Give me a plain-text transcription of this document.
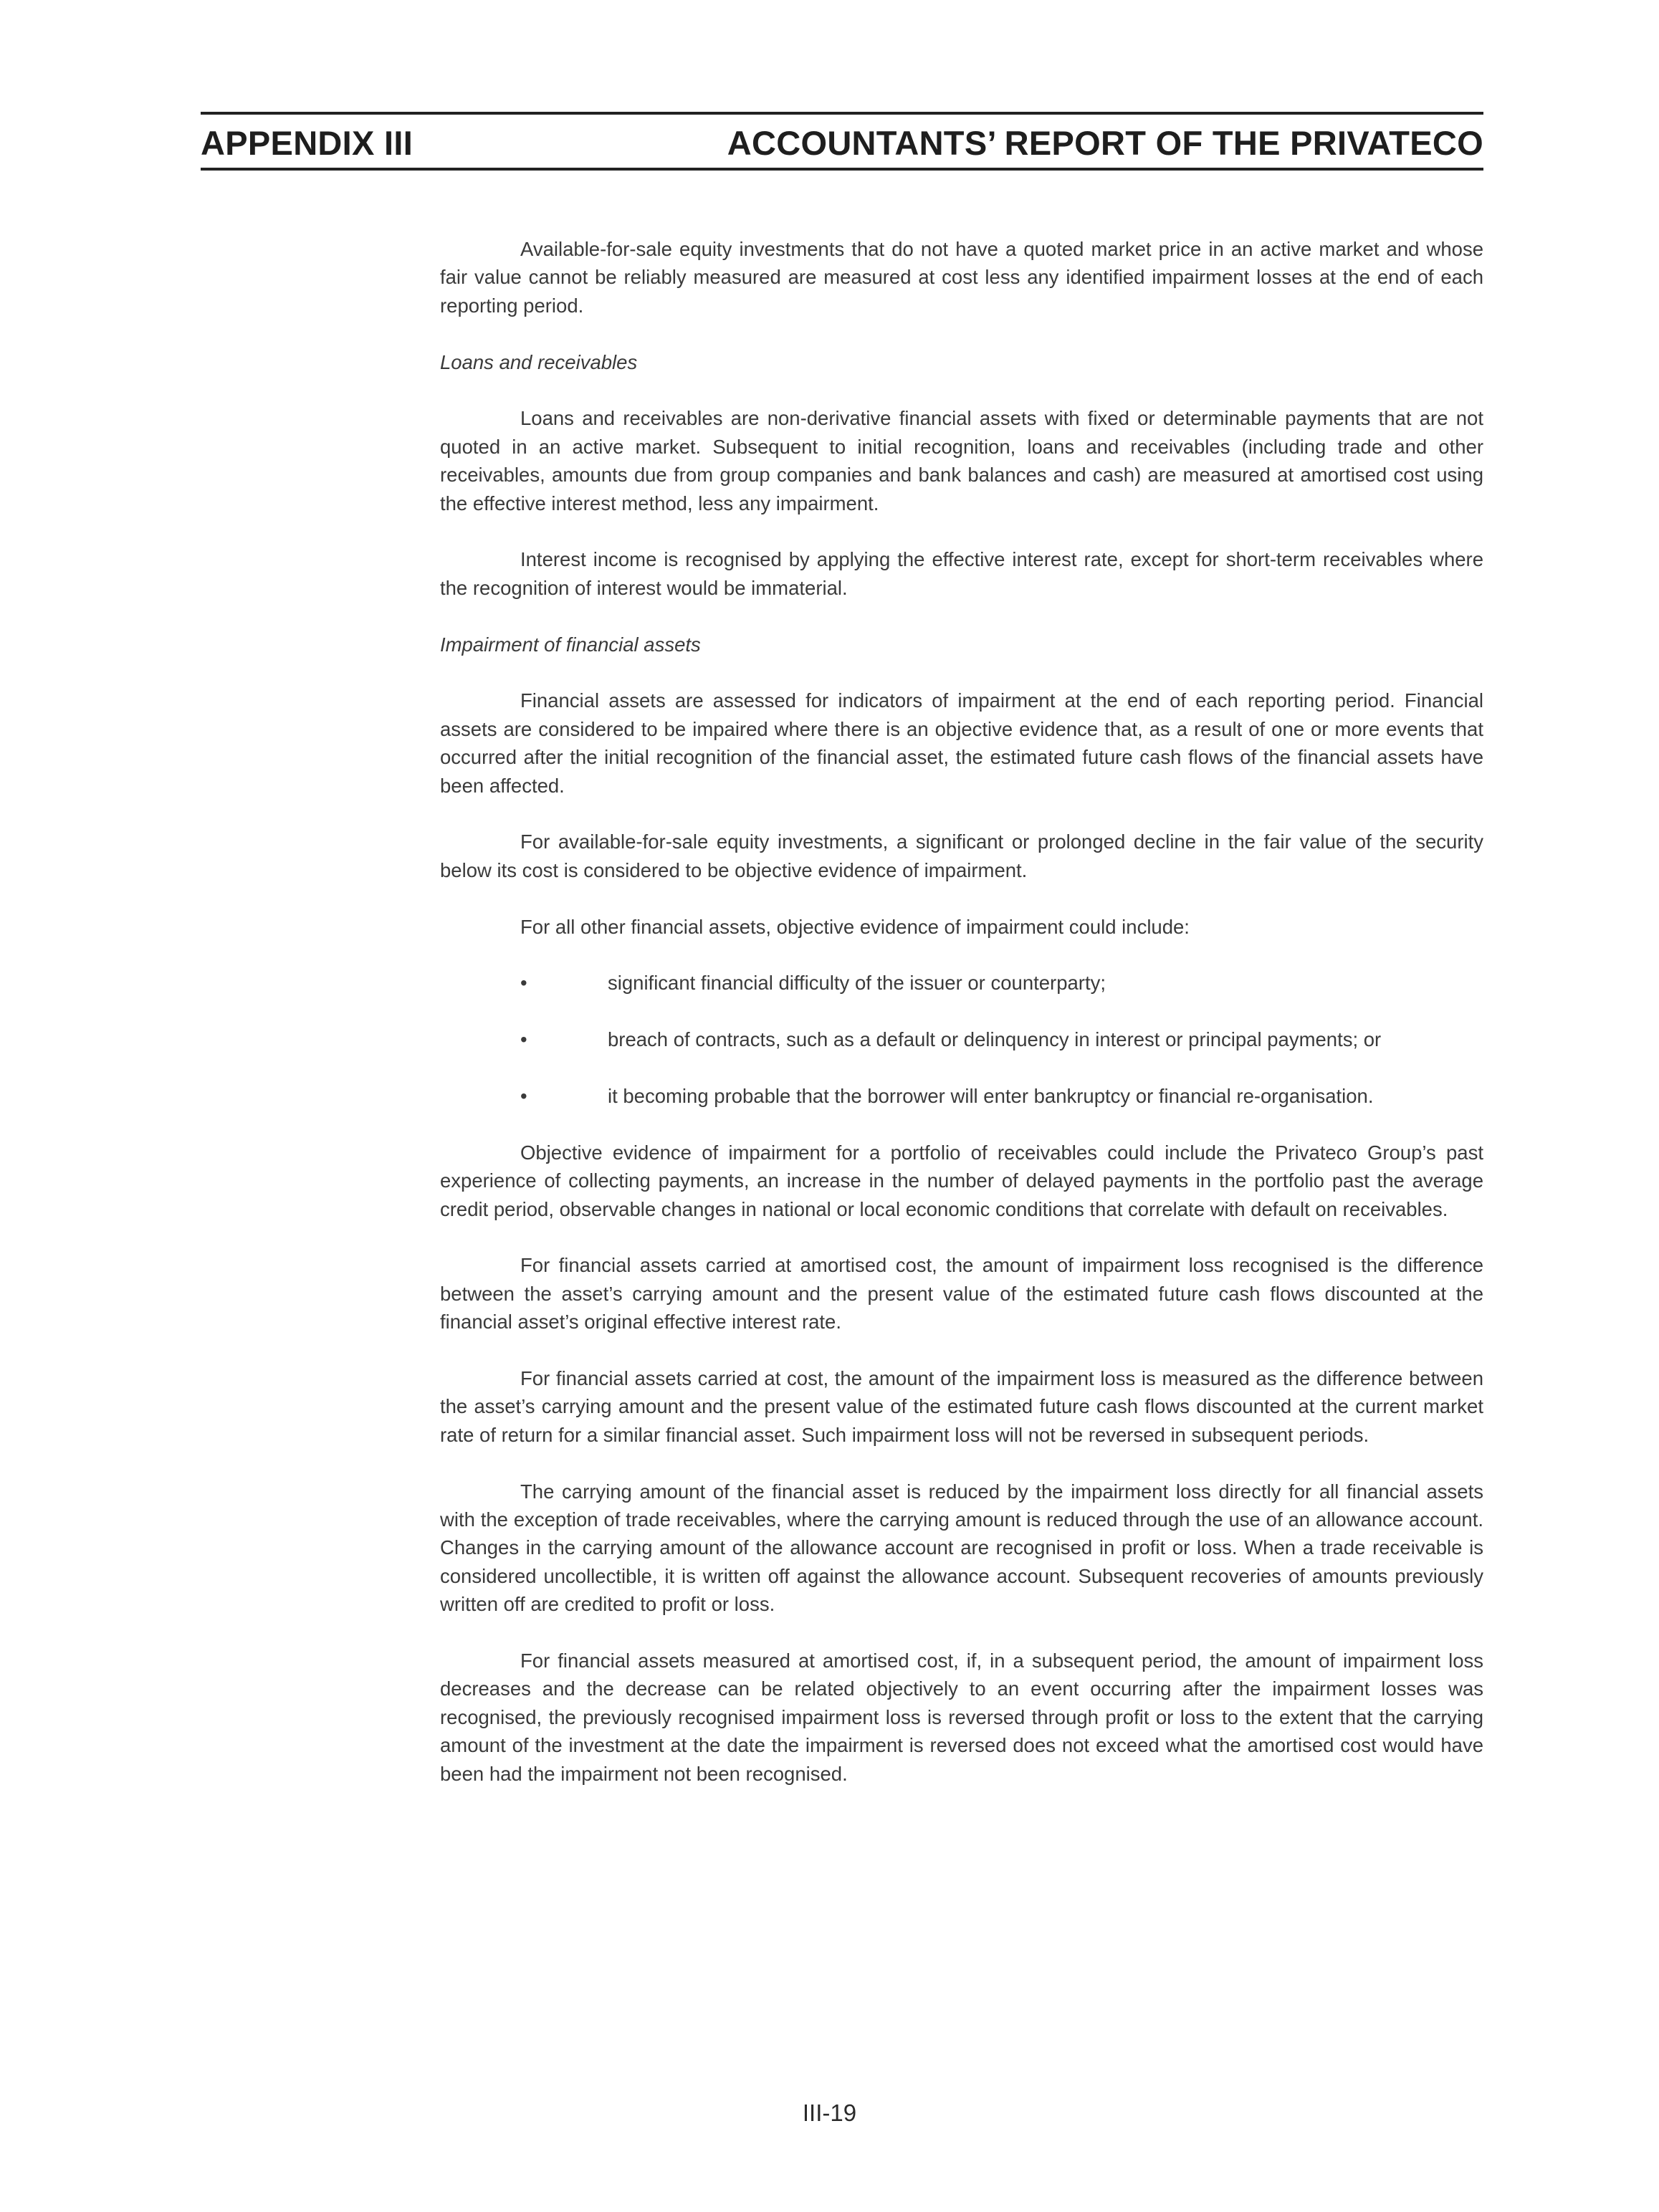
APPENDIX III	ACCOUNTANTS’ REPORT OF THE PRIVATECO

Available-for-sale equity investments that do not have a quoted market price in an active market and whose fair value cannot be reliably measured are measured at cost less any identified impairment losses at the end of each reporting period.

Loans and receivables

Loans and receivables are non-derivative financial assets with fixed or determinable payments that are not quoted in an active market. Subsequent to initial recognition, loans and receivables (including trade and other receivables, amounts due from group companies and bank balances and cash) are measured at amortised cost using the effective interest method, less any impairment.

Interest income is recognised by applying the effective interest rate, except for short-term receivables where the recognition of interest would be immaterial.

Impairment of financial assets

Financial assets are assessed for indicators of impairment at the end of each reporting period. Financial assets are considered to be impaired where there is an objective evidence that, as a result of one or more events that occurred after the initial recognition of the financial asset, the estimated future cash flows of the financial assets have been affected.

For available-for-sale equity investments, a significant or prolonged decline in the fair value of the security below its cost is considered to be objective evidence of impairment.

For all other financial assets, objective evidence of impairment could include:

•	significant financial difficulty of the issuer or counterparty;
•	breach of contracts, such as a default or delinquency in interest or principal payments; or
•	it becoming probable that the borrower will enter bankruptcy or financial re-organisation.

Objective evidence of impairment for a portfolio of receivables could include the Privateco Group’s past experience of collecting payments, an increase in the number of delayed payments in the portfolio past the average credit period, observable changes in national or local economic conditions that correlate with default on receivables.

For financial assets carried at amortised cost, the amount of impairment loss recognised is the difference between the asset’s carrying amount and the present value of the estimated future cash flows discounted at the financial asset’s original effective interest rate.

For financial assets carried at cost, the amount of the impairment loss is measured as the difference between the asset’s carrying amount and the present value of the estimated future cash flows discounted at the current market rate of return for a similar financial asset. Such impairment loss will not be reversed in subsequent periods.

The carrying amount of the financial asset is reduced by the impairment loss directly for all financial assets with the exception of trade receivables, where the carrying amount is reduced through the use of an allowance account. Changes in the carrying amount of the allowance account are recognised in profit or loss. When a trade receivable is considered uncollectible, it is written off against the allowance account. Subsequent recoveries of amounts previously written off are credited to profit or loss.

For financial assets measured at amortised cost, if, in a subsequent period, the amount of impairment loss decreases and the decrease can be related objectively to an event occurring after the impairment losses was recognised, the previously recognised impairment loss is reversed through profit or loss to the extent that the carrying amount of the investment at the date the impairment is reversed does not exceed what the amortised cost would have been had the impairment not been recognised.

III-19
